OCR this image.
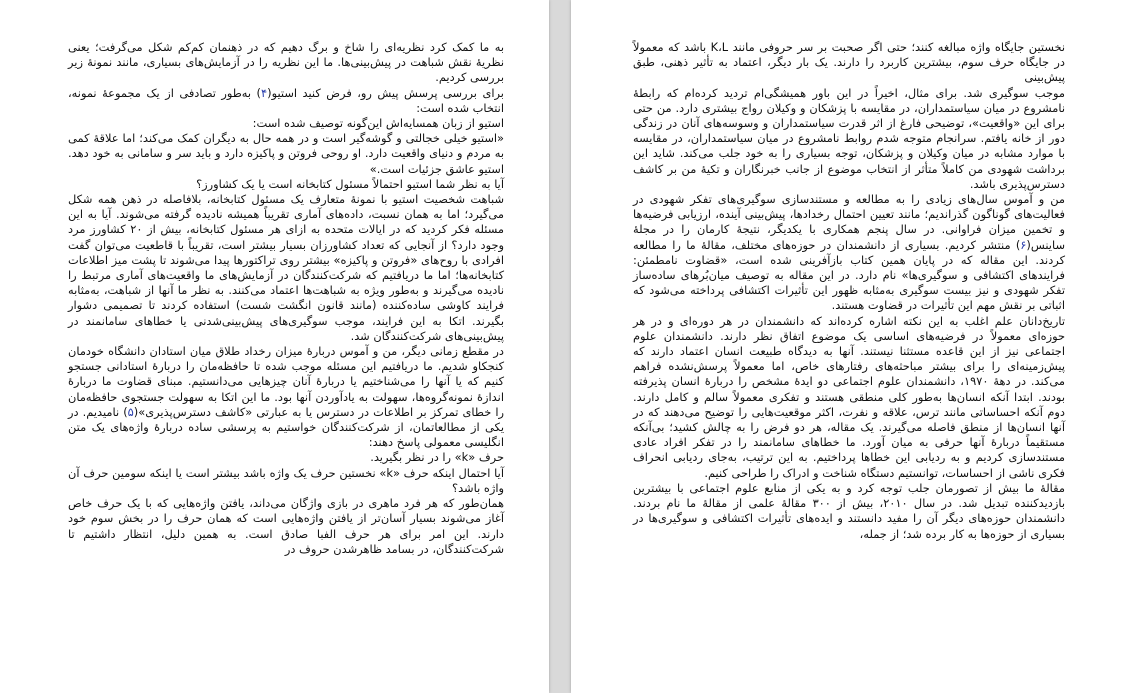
به ما کمک کرد نظریه‌ای را شاخ و برگ دهیم که در ذهنمان کم‌کم شکل می‌گرفت؛ یعنی نظریهٔ نقش شباهت در پیش‌بینی‌ها. ما این نظریه را در آزمایش‌های بسیاری، مانند نمونهٔ زیر بررسی کردیم.

برای بررسی پرسش پیش رو، فرض کنید استیو(۴) به‌طور تصادفی از یک مجموعهٔ نمونه، انتخاب شده است:

استیو از زبان همسایه‌اش این‌گونه توصیف شده است:

«استیو خیلی خجالتی و گوشه‌گیر است و در همه حال به دیگران کمک می‌کند؛ اما علاقهٔ کمی به مردم و دنیای واقعیت دارد. او روحی فروتن و پاکیزه دارد و باید سر و سامانی به خود دهد. استیو عاشق جزئیات است.»

آیا به نظر شما استیو احتمالاً مسئول کتابخانه است یا یک کشاورز؟

شباهت شخصیت استیو با نمونهٔ متعارف یک مسئول کتابخانه، بلافاصله در ذهن همه شکل می‌گیرد؛ اما به همان نسبت، داده‌های آماری تقریباً همیشه نادیده گرفته می‌شوند. آیا به این مسئله فکر کردید که در ایالات متحده به ازای هر مسئول کتابخانه، بیش از ۲۰ کشاورز مرد وجود دارد؟ از آنجایی که تعداد کشاورزان بسیار بیشتر است، تقریباً با قاطعیت می‌توان گفت افرادی با روح‌های «فروتن و پاکیزه» بیشتر روی تراکتورها پیدا می‌شوند تا پشت میز اطلاعات کتابخانه‌ها؛ اما ما دریافتیم که شرکت‌کنندگان در آزمایش‌های ما واقعیت‌های آماری مرتبط را نادیده می‌گیرند و به‌طور ویژه به شباهت‌ها اعتماد می‌کنند. به نظر ما آنها از شباهت، به‌مثابه فرایند کاوشی ساده‌کننده (مانند قانون انگشت شست) استفاده کردند تا تصمیمی دشوار بگیرند. اتکا به این فرایند، موجب سوگیری‌های پیش‌بینی‌شدنی یا خطاهای سامانمند در پیش‌بینی‌های شرکت‌کنندگان شد.

در مقطع زمانی دیگر، من و آموس دربارهٔ میزان رخداد طلاق میان استادان دانشگاه خودمان کنجکاو شدیم. ما دریافتیم این مسئله موجب شده تا حافظه‌مان را دربارهٔ استادانی جستجو کنیم که یا آنها را می‌شناختیم یا دربارهٔ آنان چیزهایی می‌دانستیم. مبنای قضاوت ما دربارهٔ اندازهٔ نمونه‌گروه‌ها، سهولت به یادآوردن آنها بود. ما این اتکا به سهولت جستجوی حافظه‌مان را خطای تمرکز بر اطلاعات در دسترس یا به عبارتی «کاشف دسترس‌پذیری»(۵) نامیدیم. در یکی از مطالعاتمان، از شرکت‌کنندگان خواستیم به پرسشی ساده دربارهٔ واژه‌های یک متن انگلیسی معمولی پاسخ دهند:

حرف «k» را در نظر بگیرید.

آیا احتمال اینکه حرف «k» نخستین حرف یک واژه باشد بیشتر است یا اینکه سومین حرف آن واژه باشد؟

همان‌طور که هر فرد ماهری در بازی واژگان می‌داند، یافتن واژه‌هایی که با یک حرف خاص آغاز می‌شوند بسیار آسان‌تر از یافتن واژه‌هایی است که همان حرف را در بخش سوم خود دارند. این امر برای هر حرف الفبا صادق است. به همین دلیل، انتظار داشتیم تا شرکت‌کنندگان، در بسامد ظاهرشدن حروف در

نخستین جایگاه واژه مبالغه کنند؛ حتی اگر صحبت بر سر حروفی مانند K،L باشد که معمولاً در جایگاه حرف سوم، بیشترین کاربرد را دارند. یک بار دیگر، اعتماد به تأثیر ذهنی، طبق پیش‌بینی

موجب سوگیری شد. برای مثال، اخیراً در این باور همیشگی‌ام تردید کرده‌ام که رابطهٔ نامشروع در میان سیاستمداران، در مقایسه با پزشکان و وکیلان رواج بیشتری دارد. من حتی برای این «واقعیت»، توضیحی فارغ از اثر قدرت سیاستمداران و وسوسه‌های آنان در زندگی دور از خانه یافتم. سرانجام متوجه شدم روابط نامشروع در میان سیاستمداران، در مقایسه با موارد مشابه در میان وکیلان و پزشکان، توجه بسیاری را به خود جلب می‌کند. شاید این برداشت شهودی من کاملاً متأثر از انتخاب موضوع از جانب خبرنگاران و تکیهٔ من بر کاشف دسترس‌پذیری باشد.

من و آموس سال‌های زیادی را به مطالعه و مستندسازی سوگیری‌های تفکر شهودی در فعالیت‌های گوناگون گذراندیم؛ مانند تعیین احتمال رخدادها، پیش‌بینی آینده، ارزیابی فرضیه‌ها و تخمین میزان فراوانی. در سال پنجم همکاری با یکدیگر، نتیجهٔ کارمان را در مجلهٔ ساینس(۶) منتشر کردیم. بسیاری از دانشمندان در حوزه‌های مختلف، مقالهٔ ما را مطالعه کردند. این مقاله که در پایان همین کتاب بازآفرینی شده است، «قضاوت نامطمئن: فرایندهای اکتشافی و سوگیری‌ها» نام دارد. در این مقاله به توصیف میان‌بُرهای ساده‌ساز تفکر شهودی و نیز بیست سوگیری به‌مثابه ظهور این تأثیرات اکتشافی پرداخته می‌شود که اثباتی بر نقش مهم این تأثیرات در قضاوت هستند.

تاریخ‌دانان علم اغلب به این نکته اشاره کرده‌اند که دانشمندان در هر دوره‌ای و در هر حوزه‌ای معمولاً در فرضیه‌های اساسی یک موضوع اتفاق نظر دارند. دانشمندان علوم اجتماعی نیز از این قاعده مستثنا نیستند. آنها به دیدگاه طبیعت انسان اعتماد دارند که پیش‌زمینه‌ای را برای بیشتر مباحثه‌های رفتارهای خاص، اما معمولاً پرسش‌نشده فراهم می‌کند. در دههٔ ۱۹۷۰، دانشمندان علوم اجتماعی دو ایدهٔ مشخص را دربارهٔ انسان پذیرفته بودند. ابتدا آنکه انسان‌ها به‌طور کلی منطقی هستند و تفکری معمولاً سالم و کامل دارند. دوم آنکه احساساتی مانند ترس، علاقه و نفرت، اکثر موقعیت‌هایی را توضیح می‌دهند که در آنها انسان‌ها از منطق فاصله می‌گیرند. یک مقاله، هر دو فرض را به چالش کشید؛ بی‌آنکه مستقیماً دربارهٔ آنها حرفی به میان آورد. ما خطاهای سامانمند را در تفکر افراد عادی مستندسازی کردیم و به ردیابی این خطاها پرداختیم. به این ترتیب، به‌جای ردیابی انحراف فکری ناشی از احساسات، توانستیم دستگاه شناخت و ادراک را طراحی کنیم.

مقالهٔ ما بیش از تصورمان جلب توجه کرد و به یکی از منابع علوم اجتماعی با بیشترین بازدیدکننده تبدیل شد. در سال ۲۰۱۰، بیش از ۳۰۰ مقالهٔ علمی از مقالهٔ ما نام بردند. دانشمندان حوزه‌های دیگر آن را مفید دانستند و ایده‌های تأثیرات اکتشافی و سوگیری‌ها در بسیاری از حوزه‌ها به کار برده شد؛ از جمله،
